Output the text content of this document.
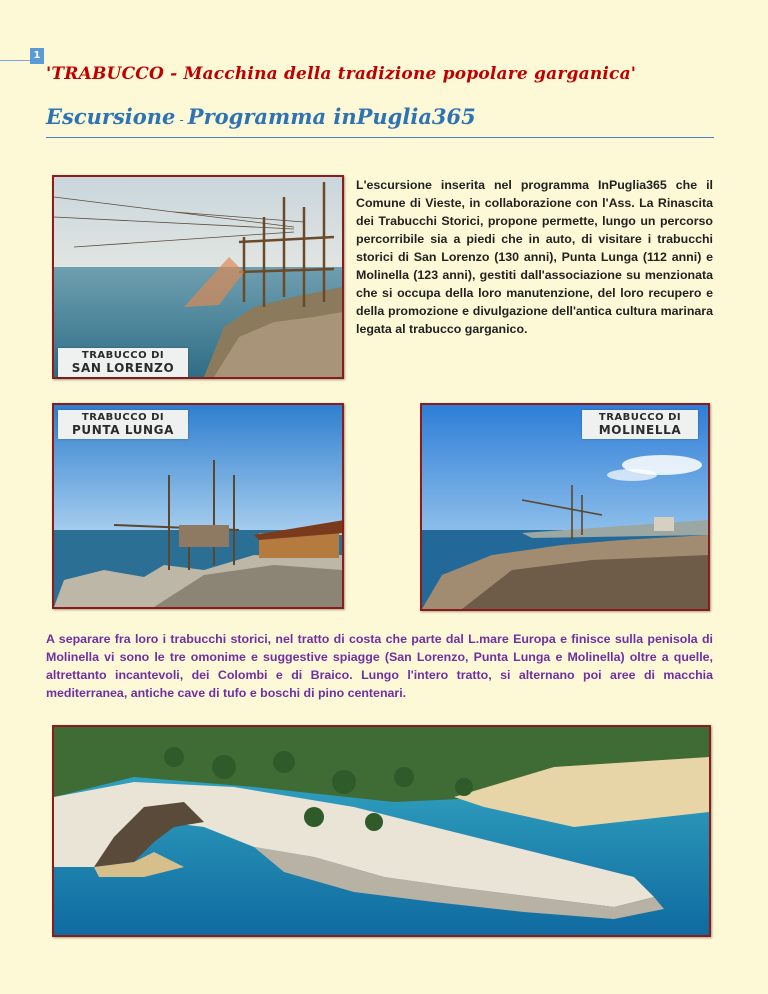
1
'TRABUCCO - Macchina della tradizione popolare garganica'
Escursione - Programma inPuglia365
TRABUCCO DI
SAN LORENZO
L'escursione inserita nel programma InPuglia365 che il Comune di Vieste, in collaborazione con l'Ass. La Rinascita dei Trabucchi Storici, propone permette, lungo un percorso percorribile sia a piedi che in auto, di visitare i trabucchi storici di San Lorenzo (130 anni), Punta Lunga (112 anni) e Molinella (123 anni), gestiti dall'associazione su menzionata che si occupa della loro manutenzione, del loro recupero e della promozione e divulgazione dell'antica cultura marinara legata al trabucco garganico.
TRABUCCO DI
PUNTA LUNGA
TRABUCCO DI
MOLINELLA
A separare fra loro i trabucchi storici, nel tratto di costa che parte dal L.mare Europa e finisce sulla penisola di Molinella vi sono le tre omonime e suggestive spiagge (San Lorenzo, Punta Lunga e Molinella) oltre a quelle, altrettanto incantevoli, dei Colombi e di Braico. Lungo l'intero tratto, si alternano poi aree di macchia mediterranea, antiche cave di tufo e boschi di pino centenari.
